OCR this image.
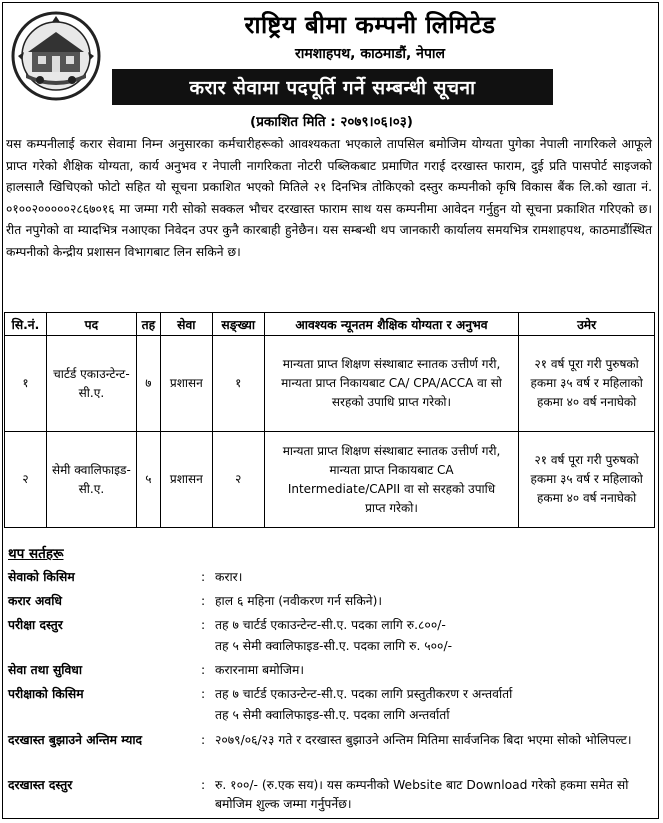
राष्ट्रिय बीमा कम्पनी लिमिटेड
रामशाहपथ, काठमाडौं, नेपाल
करार सेवामा पदपूर्ति गर्ने सम्बन्धी सूचना
(प्रकाशित मिति : २०७९।०६।०३)
यस कम्पनीलाई करार सेवामा निम्न अनुसारका कर्मचारीहरूको आवश्यकता भएकाले तापसिल बमोजिम योग्यता पुगेका नेपाली नागरिकले आफूले प्राप्त गरेको शैक्षिक योग्यता, कार्य अनुभव र नेपाली नागरिकता नोटरी पब्लिकबाट प्रमाणित गराई दरखास्त फाराम, दुई प्रति पासपोर्ट साइजको हालसालै खिचिएको फोटो सहित यो सूचना प्रकाशित भएको मितिले २१ दिनभित्र तोकिएको दस्तुर कम्पनीको कृषि विकास बैंक लि.को खाता नं. ०१००२०००००२८६७०१६ मा जम्मा गरी सोको सक्कल भौचर दरखास्त फाराम साथ यस कम्पनीमा आवेदन गर्नुहुन यो सूचना प्रकाशित गरिएको छ। रीत नपुगेको वा म्यादभित्र नआएका निवेदन उपर कुनै कारबाही हुनेछैन। यस सम्बन्धी थप जानकारी कार्यालय समयभित्र रामशाहपथ, काठमाडौंस्थित कम्पनीको केन्द्रीय प्रशासन विभागबाट लिन सकिने छ।
सि.नं.	पद	तह	सेवा	सङ्ख्या	आवश्यक न्यूनतम शैक्षिक योग्यता र अनुभव	उमेर
१	चार्टर्ड एकाउन्टेन्ट-सी.ए.	७	प्रशासन	१	मान्यता प्राप्त शिक्षण संस्थाबाट स्नातक उत्तीर्ण गरी, मान्यता प्राप्त निकायबाट CA/ CPA/ACCA वा सो सरहको उपाधि प्राप्त गरेको।	२१ वर्ष पूरा गरी पुरुषको हकमा ३५ वर्ष र महिलाको हकमा ४० वर्ष ननाघेको
२	सेमी क्वालिफाइड-सी.ए.	५	प्रशासन	२	मान्यता प्राप्त शिक्षण संस्थाबाट स्नातक उत्तीर्ण गरी, मान्यता प्राप्त निकायबाट CA Intermediate/CAPII वा सो सरहको उपाधि प्राप्त गरेको।	२१ वर्ष पूरा गरी पुरुषको हकमा ३५ वर्ष र महिलाको हकमा ४० वर्ष ननाघेको
थप सर्तहरू
सेवाको किसिम	: करार।
करार अवधि	: हाल ६ महिना (नवीकरण गर्न सकिने)।
परीक्षा दस्तुर	: तह ७ चार्टर्ड एकाउन्टेन्ट-सी.ए. पदका लागि रु.८००/-
तह ५ सेमी क्वालिफाइड-सी.ए. पदका लागि रु. ५००/-
सेवा तथा सुविधा	: करारनामा बमोजिम।
परीक्षाको किसिम	: तह ७ चार्टर्ड एकाउन्टेन्ट-सी.ए. पदका लागि प्रस्तुतीकरण र अन्तर्वार्ता
तह ५ सेमी क्वालिफाइड-सी.ए. पदका लागि अन्तर्वार्ता
दरखास्त बुझाउने अन्तिम म्याद	: २०७९/०६/२३ गते र दरखास्त बुझाउने अन्तिम मितिमा सार्वजनिक बिदा भएमा सोको भोलिपल्ट।
दरखास्त दस्तुर	: रु. १००/- (रु.एक सय)। यस कम्पनीको Website बाट Download गरेको हकमा समेत सो बमोजिम शुल्क जम्मा गर्नुपर्नेछ।
